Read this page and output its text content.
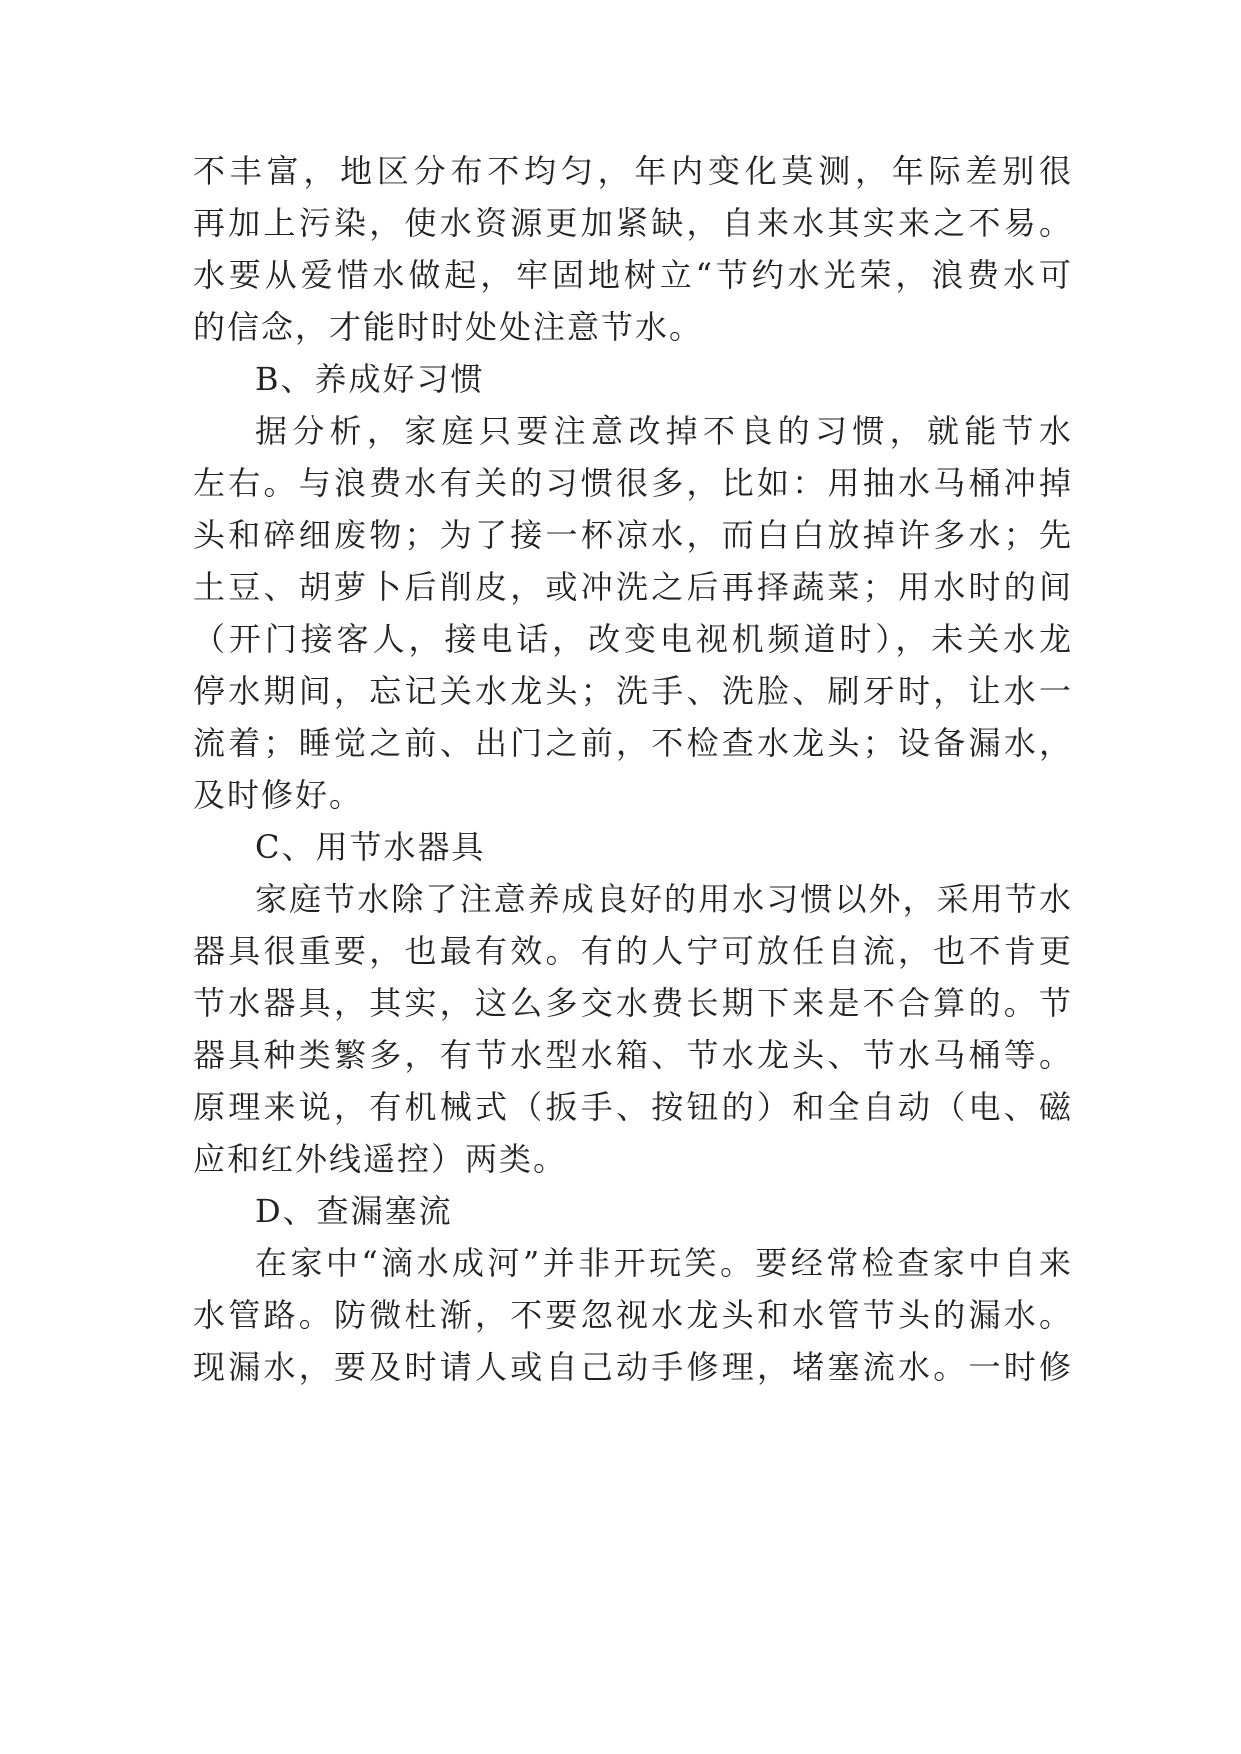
不丰富，地区分布不均匀，年内变化莫测，年际差别很
再加上污染，使水资源更加紧缺，自来水其实来之不易。
水要从爱惜水做起，牢固地树立“节约水光荣，浪费水可
的信念，才能时时处处注意节水。
B、养成好习惯
据分析，家庭只要注意改掉不良的习惯，就能节水
左右。与浪费水有关的习惯很多，比如：用抽水马桶冲掉
头和碎细废物；为了接一杯凉水，而白白放掉许多水；先
土豆、胡萝卜后削皮，或冲洗之后再择蔬菜；用水时的间
（开门接客人，接电话，改变电视机频道时），未关水龙
停水期间，忘记关水龙头；洗手、洗脸、刷牙时，让水一
流着；睡觉之前、出门之前，不检查水龙头；设备漏水，
及时修好。
C、用节水器具
家庭节水除了注意养成良好的用水习惯以外，采用节水
器具很重要，也最有效。有的人宁可放任自流，也不肯更
节水器具，其实，这么多交水费长期下来是不合算的。节
器具种类繁多，有节水型水箱、节水龙头、节水马桶等。
原理来说，有机械式（扳手、按钮的）和全自动（电、磁
应和红外线遥控）两类。
D、查漏塞流
在家中“滴水成河”并非开玩笑。要经常检查家中自来
水管路。防微杜渐，不要忽视水龙头和水管节头的漏水。
现漏水，要及时请人或自己动手修理，堵塞流水。一时修
